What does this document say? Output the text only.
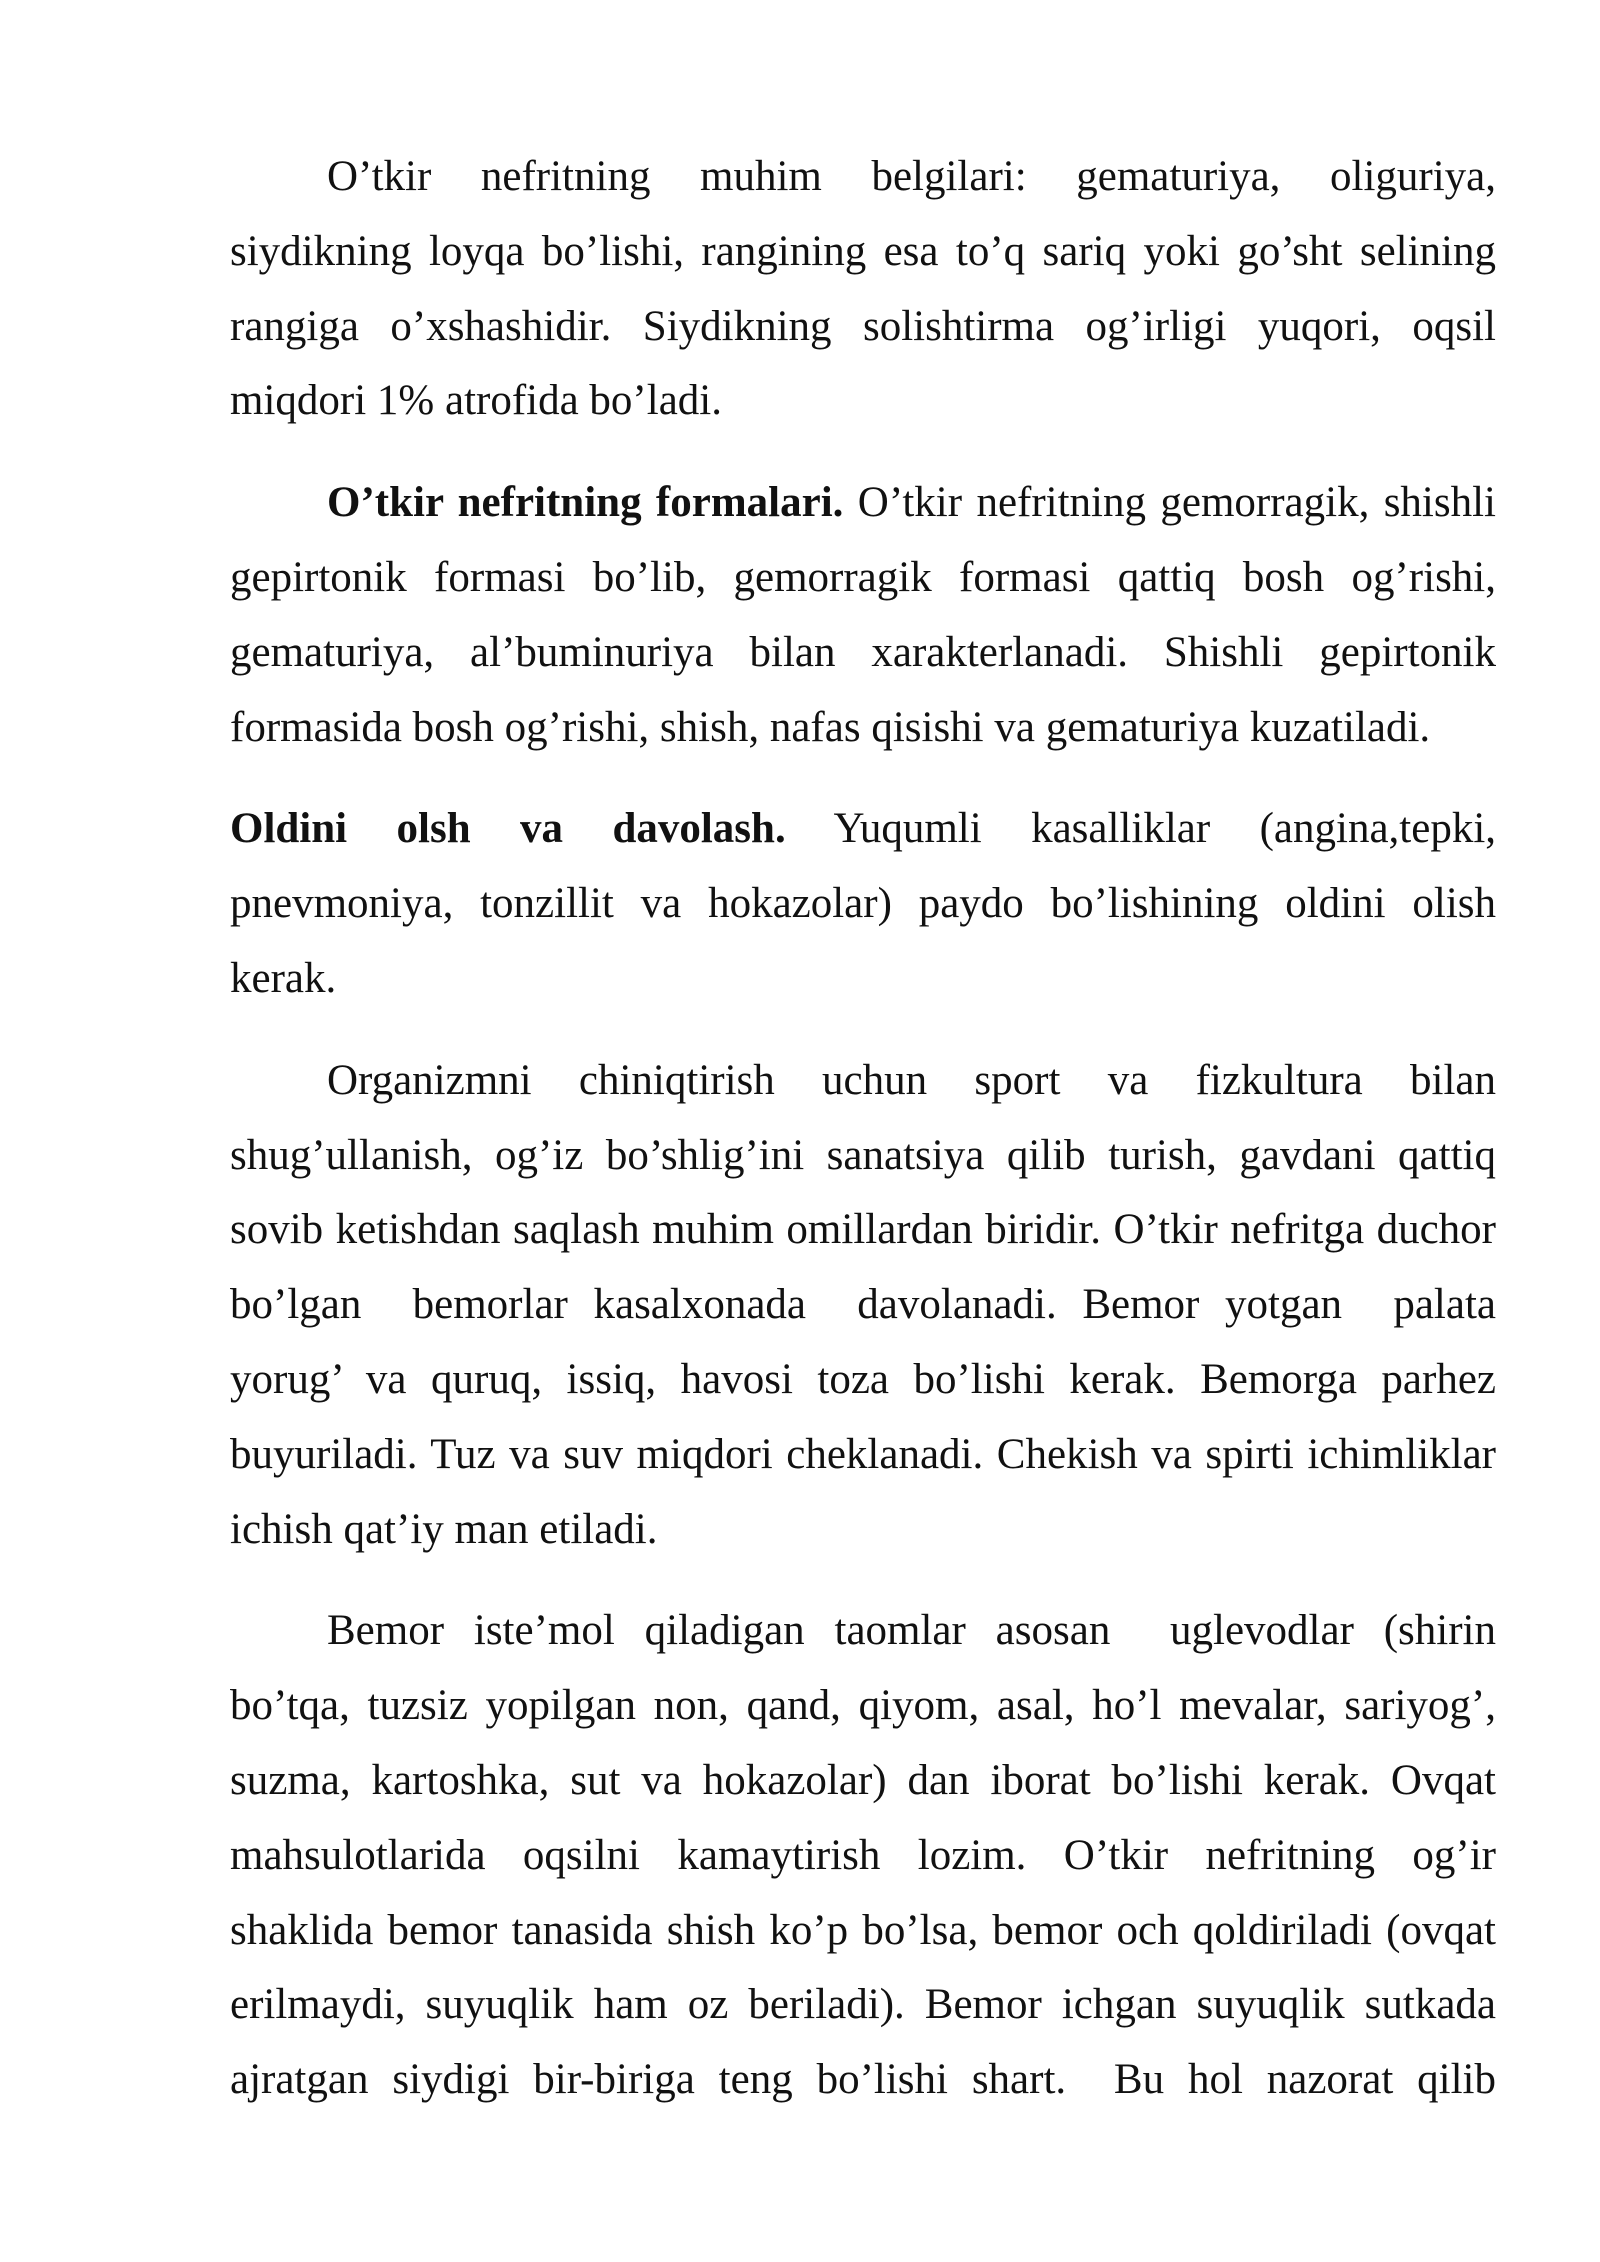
O’tkir nefritning muhim belgilari: gematuriya, oliguriya,
siydikning loyqa bo’lishi, rangining esa to’q sariq yoki go’sht selining
rangiga o’xshashidir. Siydikning solishtirma og’irligi yuqori, oqsil
miqdori 1% atrofida bo’ladi.
O’tkir nefritning formalari. O’tkir nefritning gemorragik, shishli
gepirtonik formasi bo’lib, gemorragik formasi qattiq bosh og’rishi,
gematuriya, al’buminuriya bilan xarakterlanadi. Shishli gepirtonik
formasida bosh og’rishi, shish, nafas qisishi va gematuriya kuzatiladi.
Oldini olsh va davolash. Yuqumli kasalliklar (angina,tepki,
pnevmoniya, tonzillit va hokazolar) paydo bo’lishining oldini olish
kerak.
Organizmni chiniqtirish uchun sport va fizkultura bilan
shug’ullanish, og’iz bo’shlig’ini sanatsiya qilib turish, gavdani qattiq
sovib ketishdan saqlash muhim omillardan biridir. O’tkir nefritga duchor
bo’lgan  bemorlar kasalxonada  davolanadi. Bemor yotgan  palata
yorug’ va quruq, issiq, havosi toza bo’lishi kerak. Bemorga parhez
buyuriladi. Tuz va suv miqdori cheklanadi. Chekish va spirti ichimliklar
ichish qat’iy man etiladi.
Bemor iste’mol qiladigan taomlar asosan  uglevodlar (shirin
bo’tqa, tuzsiz yopilgan non, qand, qiyom, asal, ho’l mevalar, sariyog’,
suzma, kartoshka, sut va hokazolar) dan iborat bo’lishi kerak. Ovqat
mahsulotlarida oqsilni kamaytirish lozim. O’tkir nefritning og’ir
shaklida bemor tanasida shish ko’p bo’lsa, bemor och qoldiriladi (ovqat
erilmaydi, suyuqlik ham oz beriladi). Bemor ichgan suyuqlik sutkada
ajratgan siydigi bir-biriga teng bo’lishi shart.  Bu hol nazorat qilib
